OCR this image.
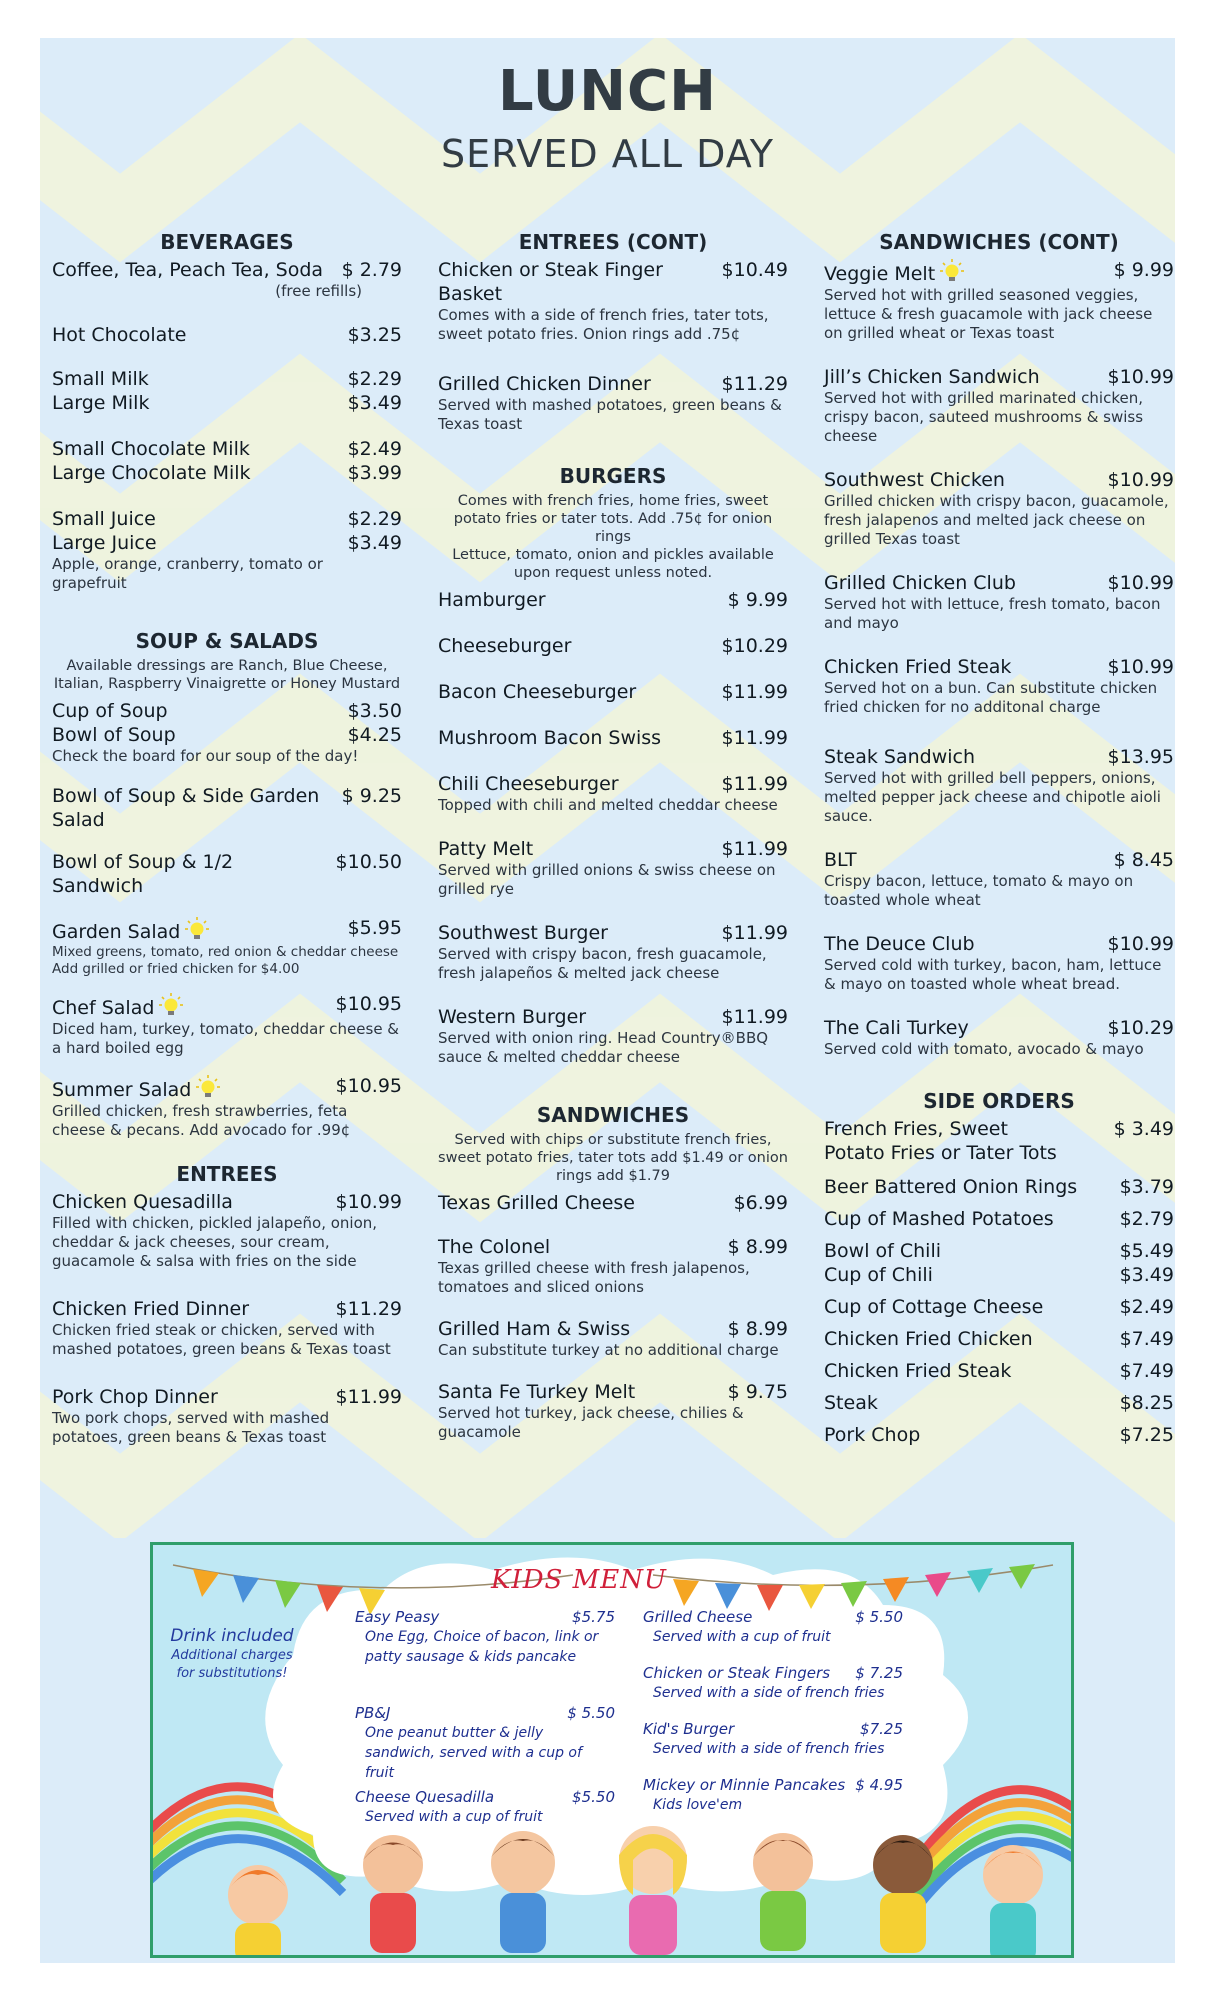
LUNCH
SERVED ALL DAY
BEVERAGES
Coffee, Tea, Peach Tea, Soda $ 2.79
(free refills)
Hot Chocolate	$3.25
Small Milk	$2.29
Large Milk	$3.49
Small Chocolate Milk	$2.49
Large Chocolate Milk	$3.99
Small Juice	$2.29
Large Juice	$3.49
Apple, orange, cranberry, tomato or grapefruit
SOUP & SALADS
Available dressings are Ranch, Blue Cheese, Italian, Raspberry Vinaigrette or Honey Mustard
Cup of Soup	$3.50
Bowl of Soup	$4.25
Check the board for our soup of the day!
Bowl of Soup & Side Garden Salad
$ 9.25
Bowl of Soup & 1/2 Sandwich
$10.50
Garden Salad	$5.95
Mixed greens, tomato, red onion & cheddar cheese Add grilled or fried chicken for $4.00
Chef Salad	$10.95
Diced ham, turkey, tomato, cheddar cheese & a hard boiled egg
Summer Salad	$10.95
Grilled chicken, fresh strawberries, feta cheese & pecans. Add avocado for .99¢
ENTREES
Chicken Quesadilla	$10.99
Filled with chicken, pickled jalapeño, onion, cheddar & jack cheeses, sour cream, guacamole & salsa with fries on the side
Chicken Fried Dinner	$11.29
Chicken fried steak or chicken, served with mashed potatoes, green beans & Texas toast
Pork Chop Dinner	$11.99
Two pork chops, served with mashed potatoes, green beans & Texas toast
ENTREES (CONT)
Chicken or Steak Finger Basket
$10.49
Comes with a side of french fries, tater tots, sweet potato fries. Onion rings add .75¢
Grilled Chicken Dinner	$11.29
Served with mashed potatoes, green beans & Texas toast
BURGERS
Comes with french fries, home fries, sweet potato fries or tater tots. Add .75¢ for onion rings
Lettuce, tomato, onion and pickles available upon request unless noted.
Hamburger	$ 9.99
Cheeseburger	$10.29
Bacon Cheeseburger	$11.99
Mushroom Bacon Swiss	$11.99
Chili Cheeseburger	$11.99
Topped with chili and melted cheddar cheese
Patty Melt	$11.99
Served with grilled onions & swiss cheese on grilled rye
Southwest Burger	$11.99
Served with crispy bacon, fresh guacamole, fresh jalapeños & melted jack cheese
Western Burger	$11.99
Served with onion ring. Head Country®BBQ sauce & melted cheddar cheese
SANDWICHES
Served with chips or substitute french fries, sweet potato fries, tater tots add $1.49 or onion rings add $1.79
Texas Grilled Cheese	$6.99
The Colonel	$ 8.99
Texas grilled cheese with fresh jalapenos, tomatoes and sliced onions
Grilled Ham & Swiss	$ 8.99
Can substitute turkey at no additional charge
Santa Fe Turkey Melt	$ 9.75
Served hot turkey, jack cheese, chilies & guacamole
SANDWICHES (CONT)
Veggie Melt	$ 9.99
Served hot with grilled seasoned veggies, lettuce & fresh guacamole with jack cheese on grilled wheat or Texas toast
Jill’s Chicken Sandwich	$10.99
Served hot with grilled marinated chicken, crispy bacon, sauteed mushrooms & swiss cheese
Southwest Chicken	$10.99
Grilled chicken with crispy bacon, guacamole, fresh jalapenos and melted jack cheese on grilled Texas toast
Grilled Chicken Club	$10.99
Served hot with lettuce, fresh tomato, bacon and mayo
Chicken Fried Steak	$10.99
Served hot on a bun. Can substitute chicken fried chicken for no additonal charge
Steak Sandwich	$13.95
Served hot with grilled bell peppers, onions, melted pepper jack cheese and chipotle aioli sauce.
BLT	$ 8.45
Crispy bacon, lettuce, tomato & mayo on toasted whole wheat
The Deuce Club	$10.99
Served cold with turkey, bacon, ham, lettuce & mayo on toasted whole wheat bread.
The Cali Turkey	$10.29
Served cold with tomato, avocado & mayo
SIDE ORDERS
French Fries, Sweet Potato Fries or Tater Tots
$ 3.49
Beer Battered Onion Rings	$3.79
Cup of Mashed Potatoes	$2.79
Bowl of Chili	$5.49
Cup of Chili	$3.49
Cup of Cottage Cheese	$2.49
Chicken Fried Chicken	$7.49
Chicken Fried Steak	$7.49
Steak	$8.25
Pork Chop	$7.25
KIDS MENU
Drink included
Additional charges for substitutions!
Easy Peasy	$5.75
One Egg, Choice of bacon, link or patty sausage & kids pancake
PB&J	$ 5.50
One peanut butter & jelly sandwich, served with a cup of fruit
Cheese Quesadilla	$5.50
Served with a cup of fruit
Grilled Cheese	$ 5.50
Served with a cup of fruit
Chicken or Steak Fingers $ 7.25
Served with a side of french fries
Kid's Burger	$7.25
Served with a side of french fries
Mickey or Minnie Pancakes $ 4.95
Kids love'em
